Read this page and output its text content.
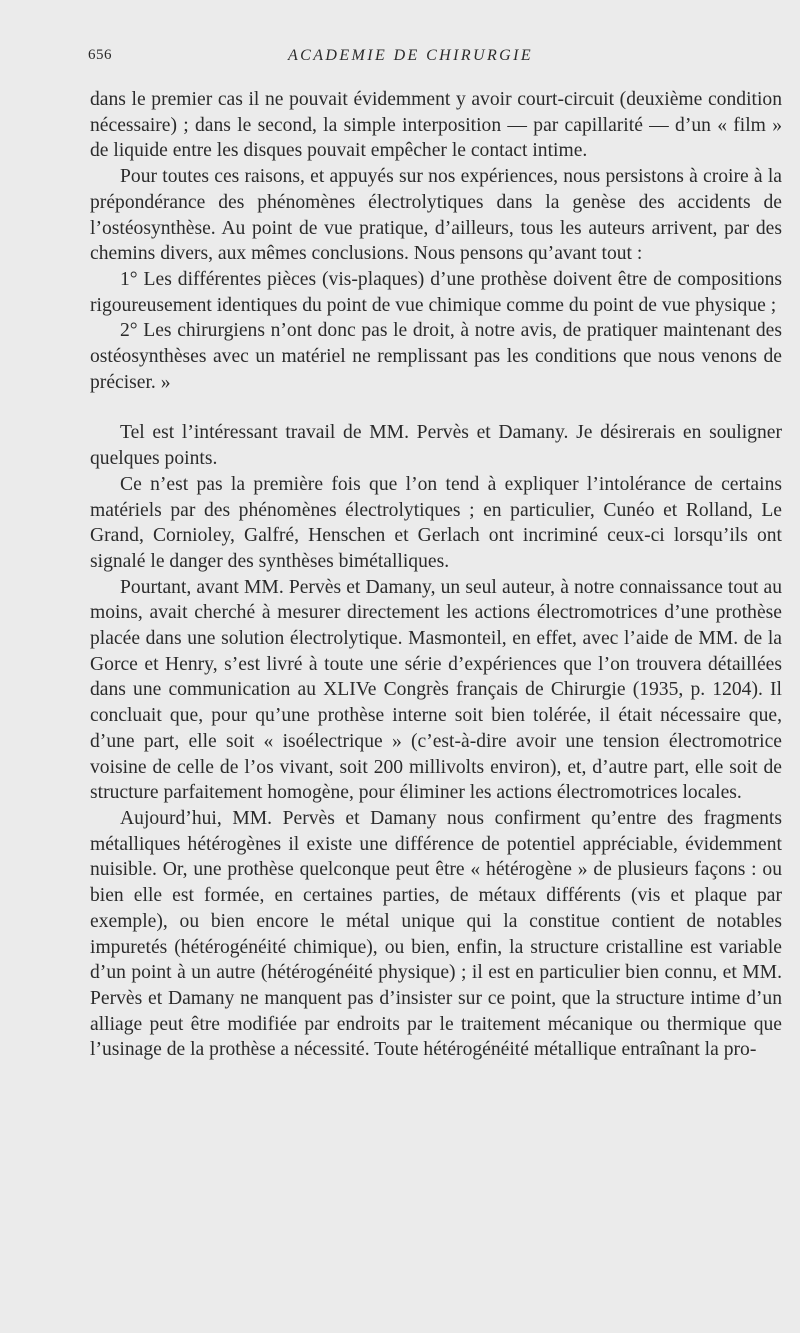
656	ACADEMIE DE CHIRURGIE

dans le premier cas il ne pouvait évidemment y avoir court-circuit (deuxième condition nécessaire) ; dans le second, la simple interposition — par capillarité — d’un « film » de liquide entre les disques pouvait empêcher le contact intime.

Pour toutes ces raisons, et appuyés sur nos expériences, nous persistons à croire à la prépondérance des phénomènes électrolytiques dans la genèse des accidents de l’ostéosynthèse. Au point de vue pratique, d’ailleurs, tous les auteurs arrivent, par des chemins divers, aux mêmes conclusions. Nous pensons qu’avant tout :

1° Les différentes pièces (vis-plaques) d’une prothèse doivent être de compositions rigoureusement identiques du point de vue chimique comme du point de vue physique ;

2° Les chirurgiens n’ont donc pas le droit, à notre avis, de pratiquer maintenant des ostéosynthèses avec un matériel ne remplissant pas les conditions que nous venons de préciser. »

Tel est l’intéressant travail de MM. Pervès et Damany. Je désirerais en souligner quelques points.

Ce n’est pas la première fois que l’on tend à expliquer l’intolérance de certains matériels par des phénomènes électrolytiques ; en particulier, Cunéo et Rolland, Le Grand, Cornioley, Galfré, Henschen et Gerlach ont incriminé ceux-ci lorsqu’ils ont signalé le danger des synthèses bimétalliques.

Pourtant, avant MM. Pervès et Damany, un seul auteur, à notre connaissance tout au moins, avait cherché à mesurer directement les actions électromotrices d’une prothèse placée dans une solution électrolytique. Masmonteil, en effet, avec l’aide de MM. de la Gorce et Henry, s’est livré à toute une série d’expériences que l’on trouvera détaillées dans une communication au XLIVe Congrès français de Chirurgie (1935, p. 1204). Il concluait que, pour qu’une prothèse interne soit bien tolérée, il était nécessaire que, d’une part, elle soit « isoélectrique » (c’est-à-dire avoir une tension électromotrice voisine de celle de l’os vivant, soit 200 millivolts environ), et, d’autre part, elle soit de structure parfaitement homogène, pour éliminer les actions électromotrices locales.

Aujourd’hui, MM. Pervès et Damany nous confirment qu’entre des fragments métalliques hétérogènes il existe une différence de potentiel appréciable, évidemment nuisible. Or, une prothèse quelconque peut être « hétérogène » de plusieurs façons : ou bien elle est formée, en certaines parties, de métaux différents (vis et plaque par exemple), ou bien encore le métal unique qui la constitue contient de notables impuretés (hétérogénéité chimique), ou bien, enfin, la structure cristalline est variable d’un point à un autre (hétérogénéité physique) ; il est en particulier bien connu, et MM. Pervès et Damany ne manquent pas d’insister sur ce point, que la structure intime d’un alliage peut être modifiée par endroits par le traitement mécanique ou thermique que l’usinage de la prothèse a nécessité. Toute hétérogénéité métallique entraînant la pro-
